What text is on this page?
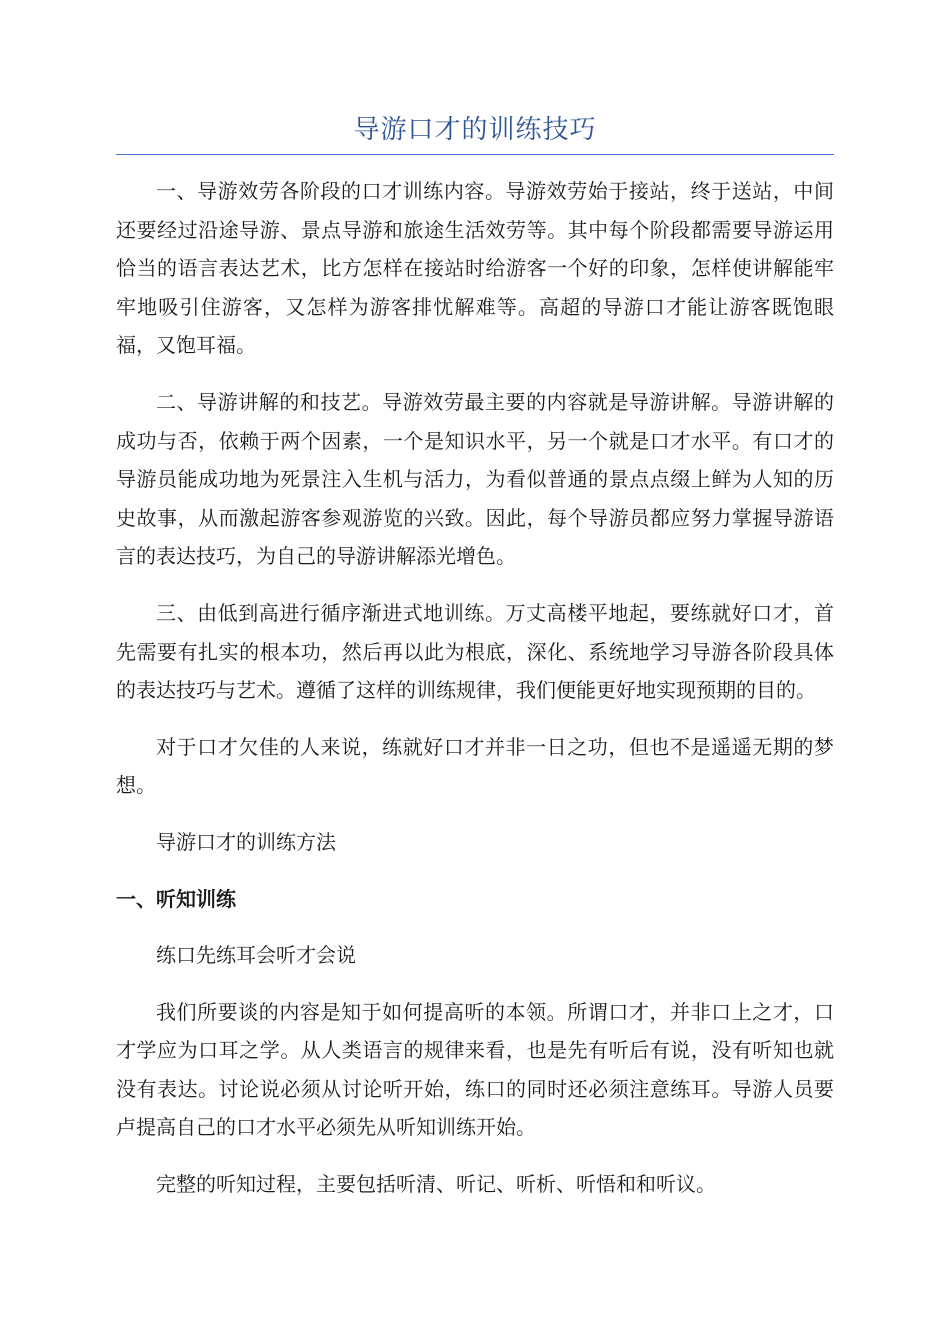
导游口才的训练技巧

一、导游效劳各阶段的口才训练内容。导游效劳始于接站，终于送站，中间还要经过沿途导游、景点导游和旅途生活效劳等。其中每个阶段都需要导游运用恰当的语言表达艺术，比方怎样在接站时给游客一个好的印象，怎样使讲解能牢牢地吸引住游客，又怎样为游客排忧解难等。高超的导游口才能让游客既饱眼福，又饱耳福。

二、导游讲解的和技艺。导游效劳最主要的内容就是导游讲解。导游讲解的成功与否，依赖于两个因素，一个是知识水平，另一个就是口才水平。有口才的导游员能成功地为死景注入生机与活力，为看似普通的景点点缀上鲜为人知的历史故事，从而激起游客参观游览的兴致。因此，每个导游员都应努力掌握导游语言的表达技巧，为自己的导游讲解添光增色。

三、由低到高进行循序渐进式地训练。万丈高楼平地起，要练就好口才，首先需要有扎实的根本功，然后再以此为根底，深化、系统地学习导游各阶段具体的表达技巧与艺术。遵循了这样的训练规律，我们便能更好地实现预期的目的。

对于口才欠佳的人来说，练就好口才并非一日之功，但也不是遥遥无期的梦想。

导游口才的训练方法

一、听知训练

练口先练耳会听才会说

我们所要谈的内容是知于如何提高听的本领。所谓口才，并非口上之才，口才学应为口耳之学。从人类语言的规律来看，也是先有听后有说，没有听知也就没有表达。讨论说必须从讨论听开始，练口的同时还必须注意练耳。导游人员要卢提高自己的口才水平必须先从听知训练开始。

完整的听知过程，主要包括听清、听记、听析、听悟和和听议。
